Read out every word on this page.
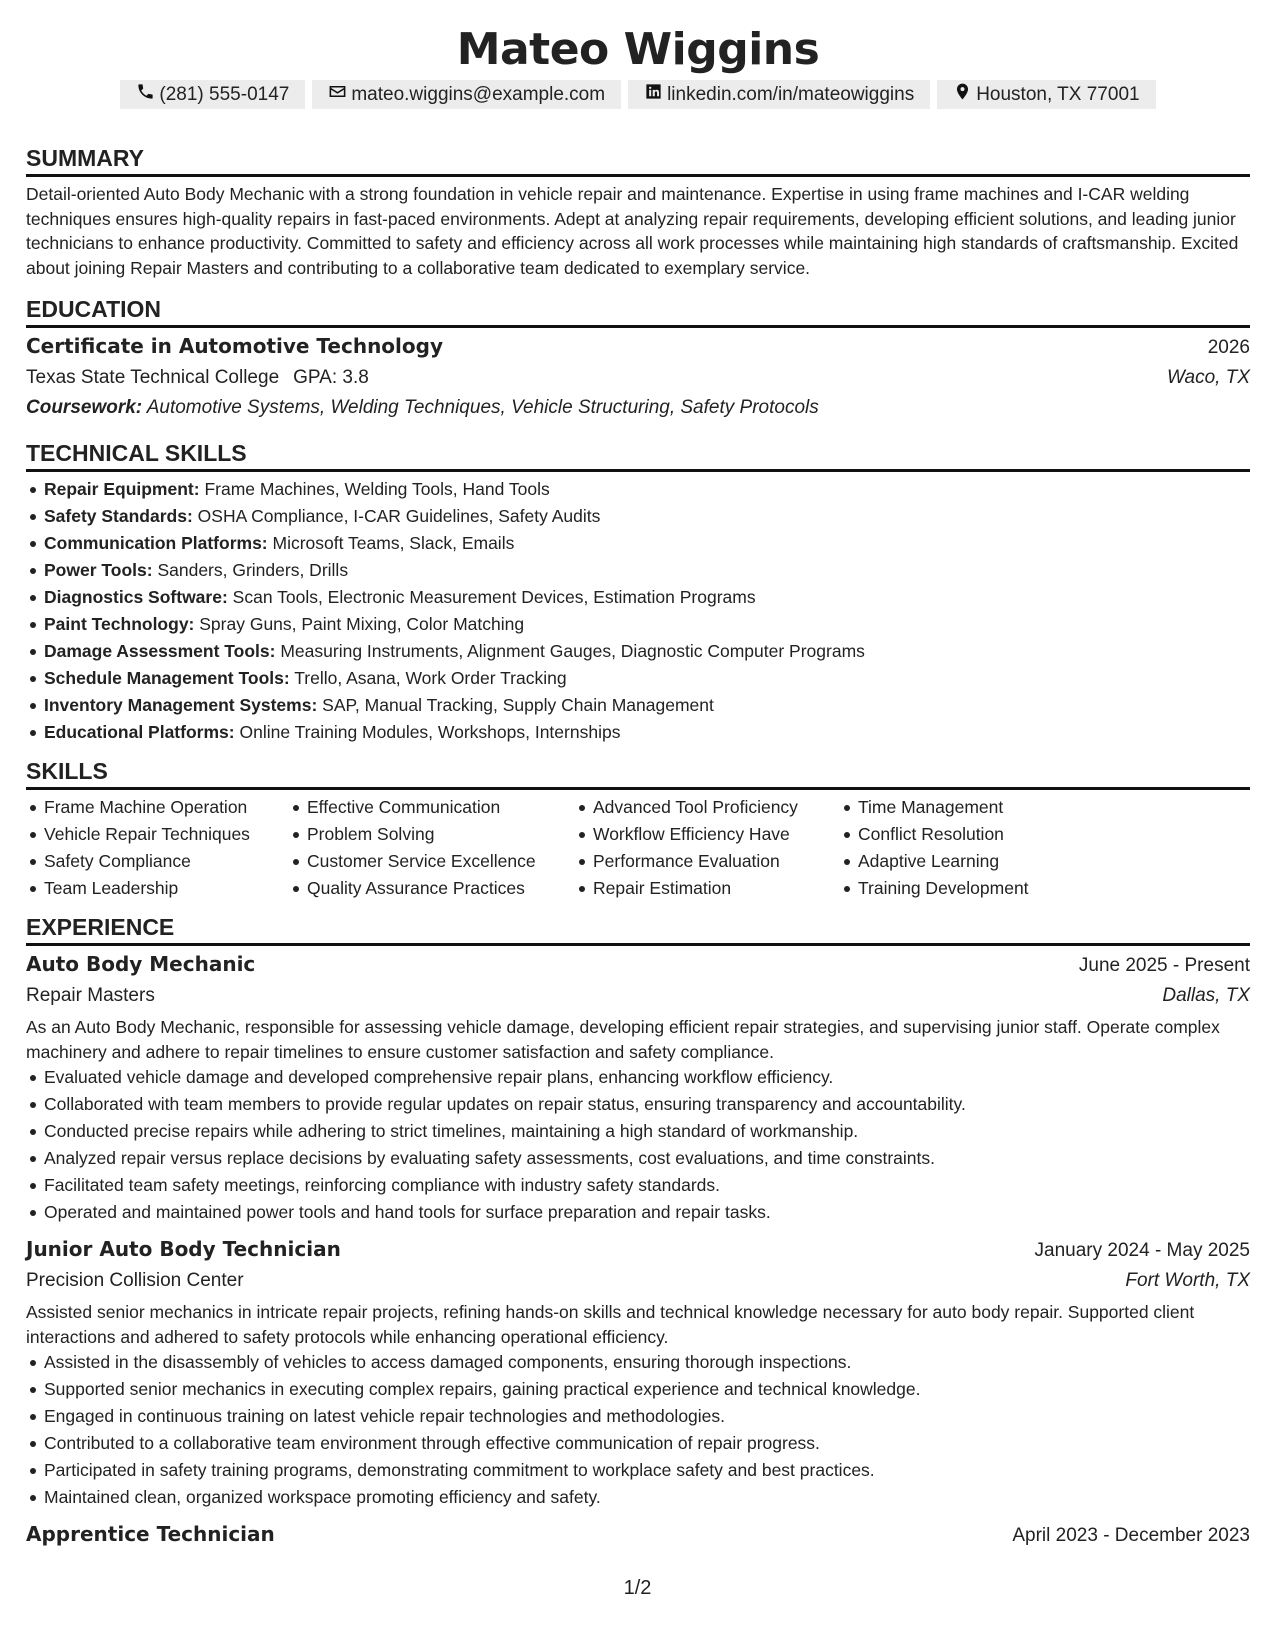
Mateo Wiggins
(281) 555-0147	mateo.wiggins@example.com	linkedin.com/in/mateowiggins	Houston, TX 77001
SUMMARY
Detail-oriented Auto Body Mechanic with a strong foundation in vehicle repair and maintenance. Expertise in using frame machines and I-CAR welding techniques ensures high-quality repairs in fast-paced environments. Adept at analyzing repair requirements, developing efficient solutions, and leading junior technicians to enhance productivity. Committed to safety and efficiency across all work processes while maintaining high standards of craftsmanship. Excited about joining Repair Masters and contributing to a collaborative team dedicated to exemplary service.
EDUCATION
Certificate in Automotive Technology	2026
Texas State Technical College GPA: 3.8	Waco, TX
Coursework: Automotive Systems, Welding Techniques, Vehicle Structuring, Safety Protocols
TECHNICAL SKILLS
Repair Equipment: Frame Machines, Welding Tools, Hand Tools
Safety Standards: OSHA Compliance, I-CAR Guidelines, Safety Audits
Communication Platforms: Microsoft Teams, Slack, Emails
Power Tools: Sanders, Grinders, Drills
Diagnostics Software: Scan Tools, Electronic Measurement Devices, Estimation Programs
Paint Technology: Spray Guns, Paint Mixing, Color Matching
Damage Assessment Tools: Measuring Instruments, Alignment Gauges, Diagnostic Computer Programs
Schedule Management Tools: Trello, Asana, Work Order Tracking
Inventory Management Systems: SAP, Manual Tracking, Supply Chain Management
Educational Platforms: Online Training Modules, Workshops, Internships
SKILLS
Frame Machine Operation
Vehicle Repair Techniques
Safety Compliance
Team Leadership
Effective Communication
Problem Solving
Customer Service Excellence
Quality Assurance Practices
Advanced Tool Proficiency
Workflow Efficiency Have
Performance Evaluation
Repair Estimation
Time Management
Conflict Resolution
Adaptive Learning
Training Development
EXPERIENCE
Auto Body Mechanic	June 2025 - Present
Repair Masters	Dallas, TX
As an Auto Body Mechanic, responsible for assessing vehicle damage, developing efficient repair strategies, and supervising junior staff. Operate complex machinery and adhere to repair timelines to ensure customer satisfaction and safety compliance.
Evaluated vehicle damage and developed comprehensive repair plans, enhancing workflow efficiency.
Collaborated with team members to provide regular updates on repair status, ensuring transparency and accountability.
Conducted precise repairs while adhering to strict timelines, maintaining a high standard of workmanship.
Analyzed repair versus replace decisions by evaluating safety assessments, cost evaluations, and time constraints.
Facilitated team safety meetings, reinforcing compliance with industry safety standards.
Operated and maintained power tools and hand tools for surface preparation and repair tasks.
Junior Auto Body Technician	January 2024 - May 2025
Precision Collision Center	Fort Worth, TX
Assisted senior mechanics in intricate repair projects, refining hands-on skills and technical knowledge necessary for auto body repair. Supported client interactions and adhered to safety protocols while enhancing operational efficiency.
Assisted in the disassembly of vehicles to access damaged components, ensuring thorough inspections.
Supported senior mechanics in executing complex repairs, gaining practical experience and technical knowledge.
Engaged in continuous training on latest vehicle repair technologies and methodologies.
Contributed to a collaborative team environment through effective communication of repair progress.
Participated in safety training programs, demonstrating commitment to workplace safety and best practices.
Maintained clean, organized workspace promoting efficiency and safety.
Apprentice Technician	April 2023 - December 2023
1/2
